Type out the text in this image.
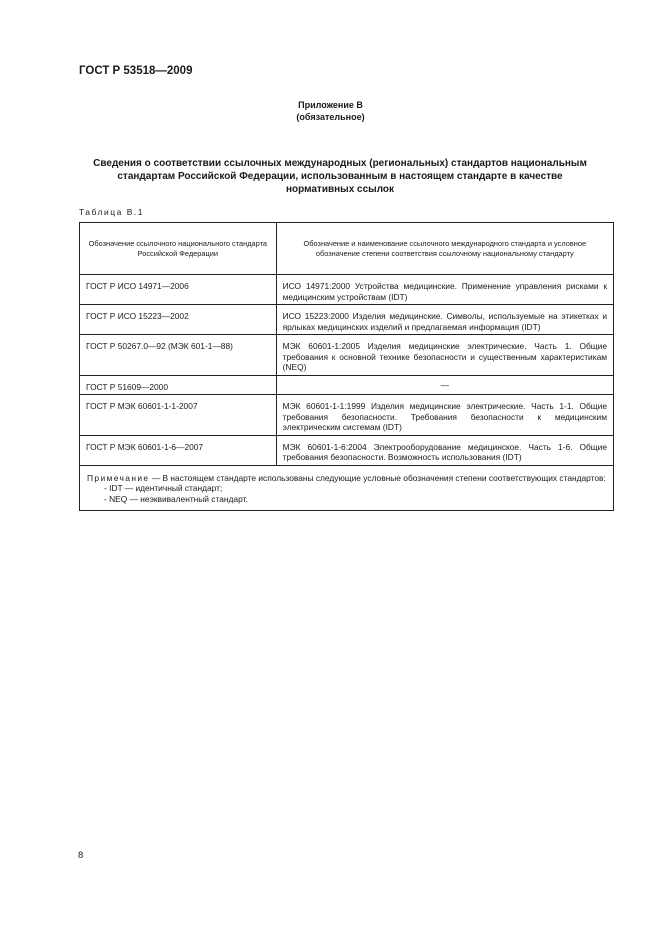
ГОСТ Р 53518—2009
Приложение В
(обязательное)
Сведения о соответствии ссылочных международных (региональных) стандартов национальным стандартам Российской Федерации, использованным в настоящем стандарте в качестве нормативных ссылок
Таблица В.1
Обозначение ссылочного национального стандарта Российской Федерации	Обозначение и наименование ссылочного международного стандарта и условное обозначение степени соответствия ссылочному национальному стандарту
ГОСТ Р ИСО 14971—2006	ИСО 14971:2000 Устройства медицинские. Применение управления рисками к медицинским устройствам (IDT)
ГОСТ Р ИСО 15223—2002	ИСО 15223:2000 Изделия медицинские. Символы, используемые на этикетках и ярлыках медицинских изделий и предлагаемая информация (IDT)
ГОСТ Р 50267.0—92 (МЭК 601-1—88)	МЭК 60601-1:2005 Изделия медицинские электрические. Часть 1. Общие требования к основной технике безопасности и существенным характеристикам (NEQ)
ГОСТ Р 51609—2000	—
ГОСТ Р МЭК 60601-1-1-2007	МЭК 60601-1-1:1999 Изделия медицинские электрические. Часть 1-1. Общие требования безопасности. Требования безопасности к медицинским электрическим системам (IDT)
ГОСТ Р МЭК 60601-1-6—2007	МЭК 60601-1-6:2004 Электрооборудование медицинское. Часть 1-6. Общие требования безопасности. Возможность использования (IDT)
Примечание — В настоящем стандарте использованы следующие условные обозначения степени соответствующих стандартов:
- IDT — идентичный стандарт;
- NEQ — неэквивалентный стандарт.	
8
